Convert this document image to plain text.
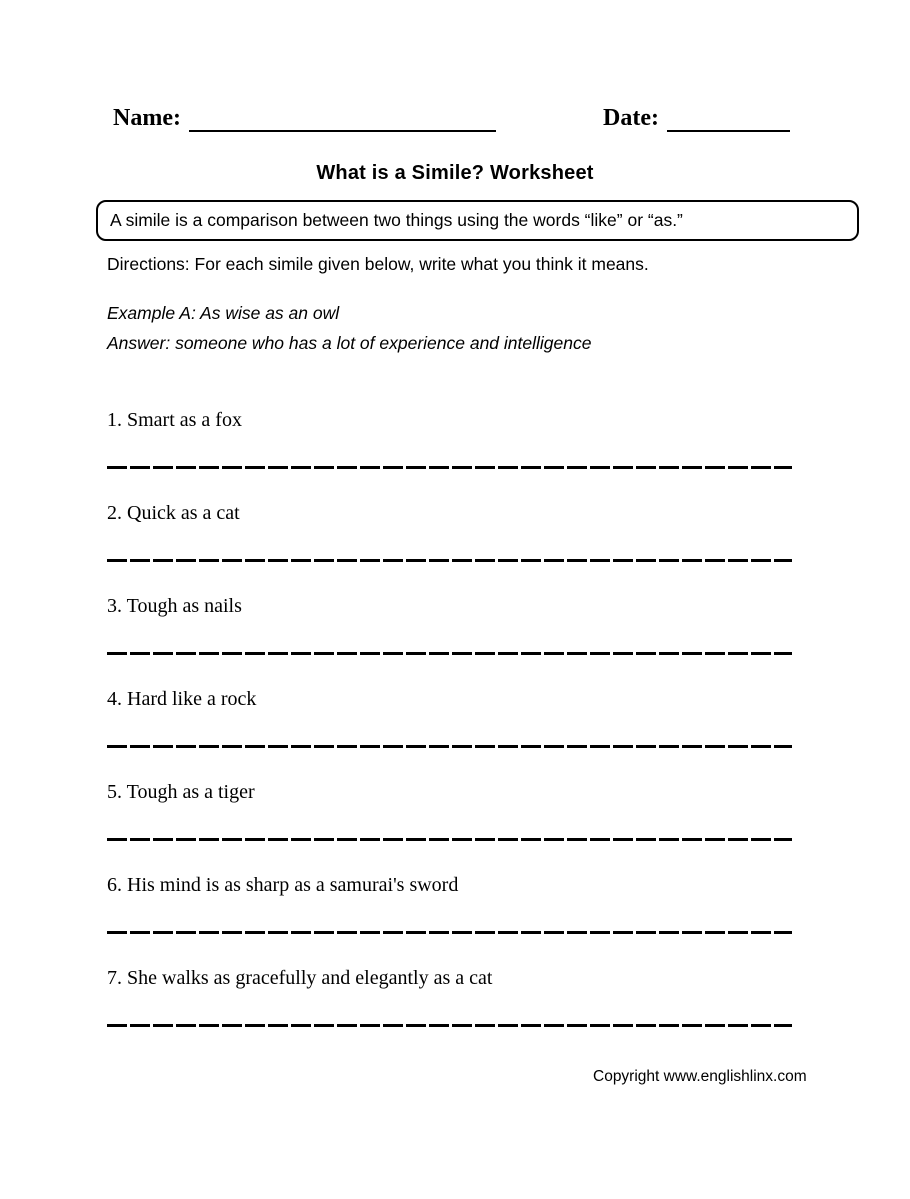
Name:	Date:
What is a Simile? Worksheet
A simile is a comparison between two things using the words “like” or “as.”
Directions: For each simile given below, write what you think it means.
Example A: As wise as an owl
Answer: someone who has a lot of experience and intelligence
1. Smart as a fox
2. Quick as a cat
3. Tough as nails
4. Hard like a rock
5. Tough as a tiger
6. His mind is as sharp as a samurai's sword
7. She walks as gracefully and elegantly as a cat
Copyright www.englishlinx.com
